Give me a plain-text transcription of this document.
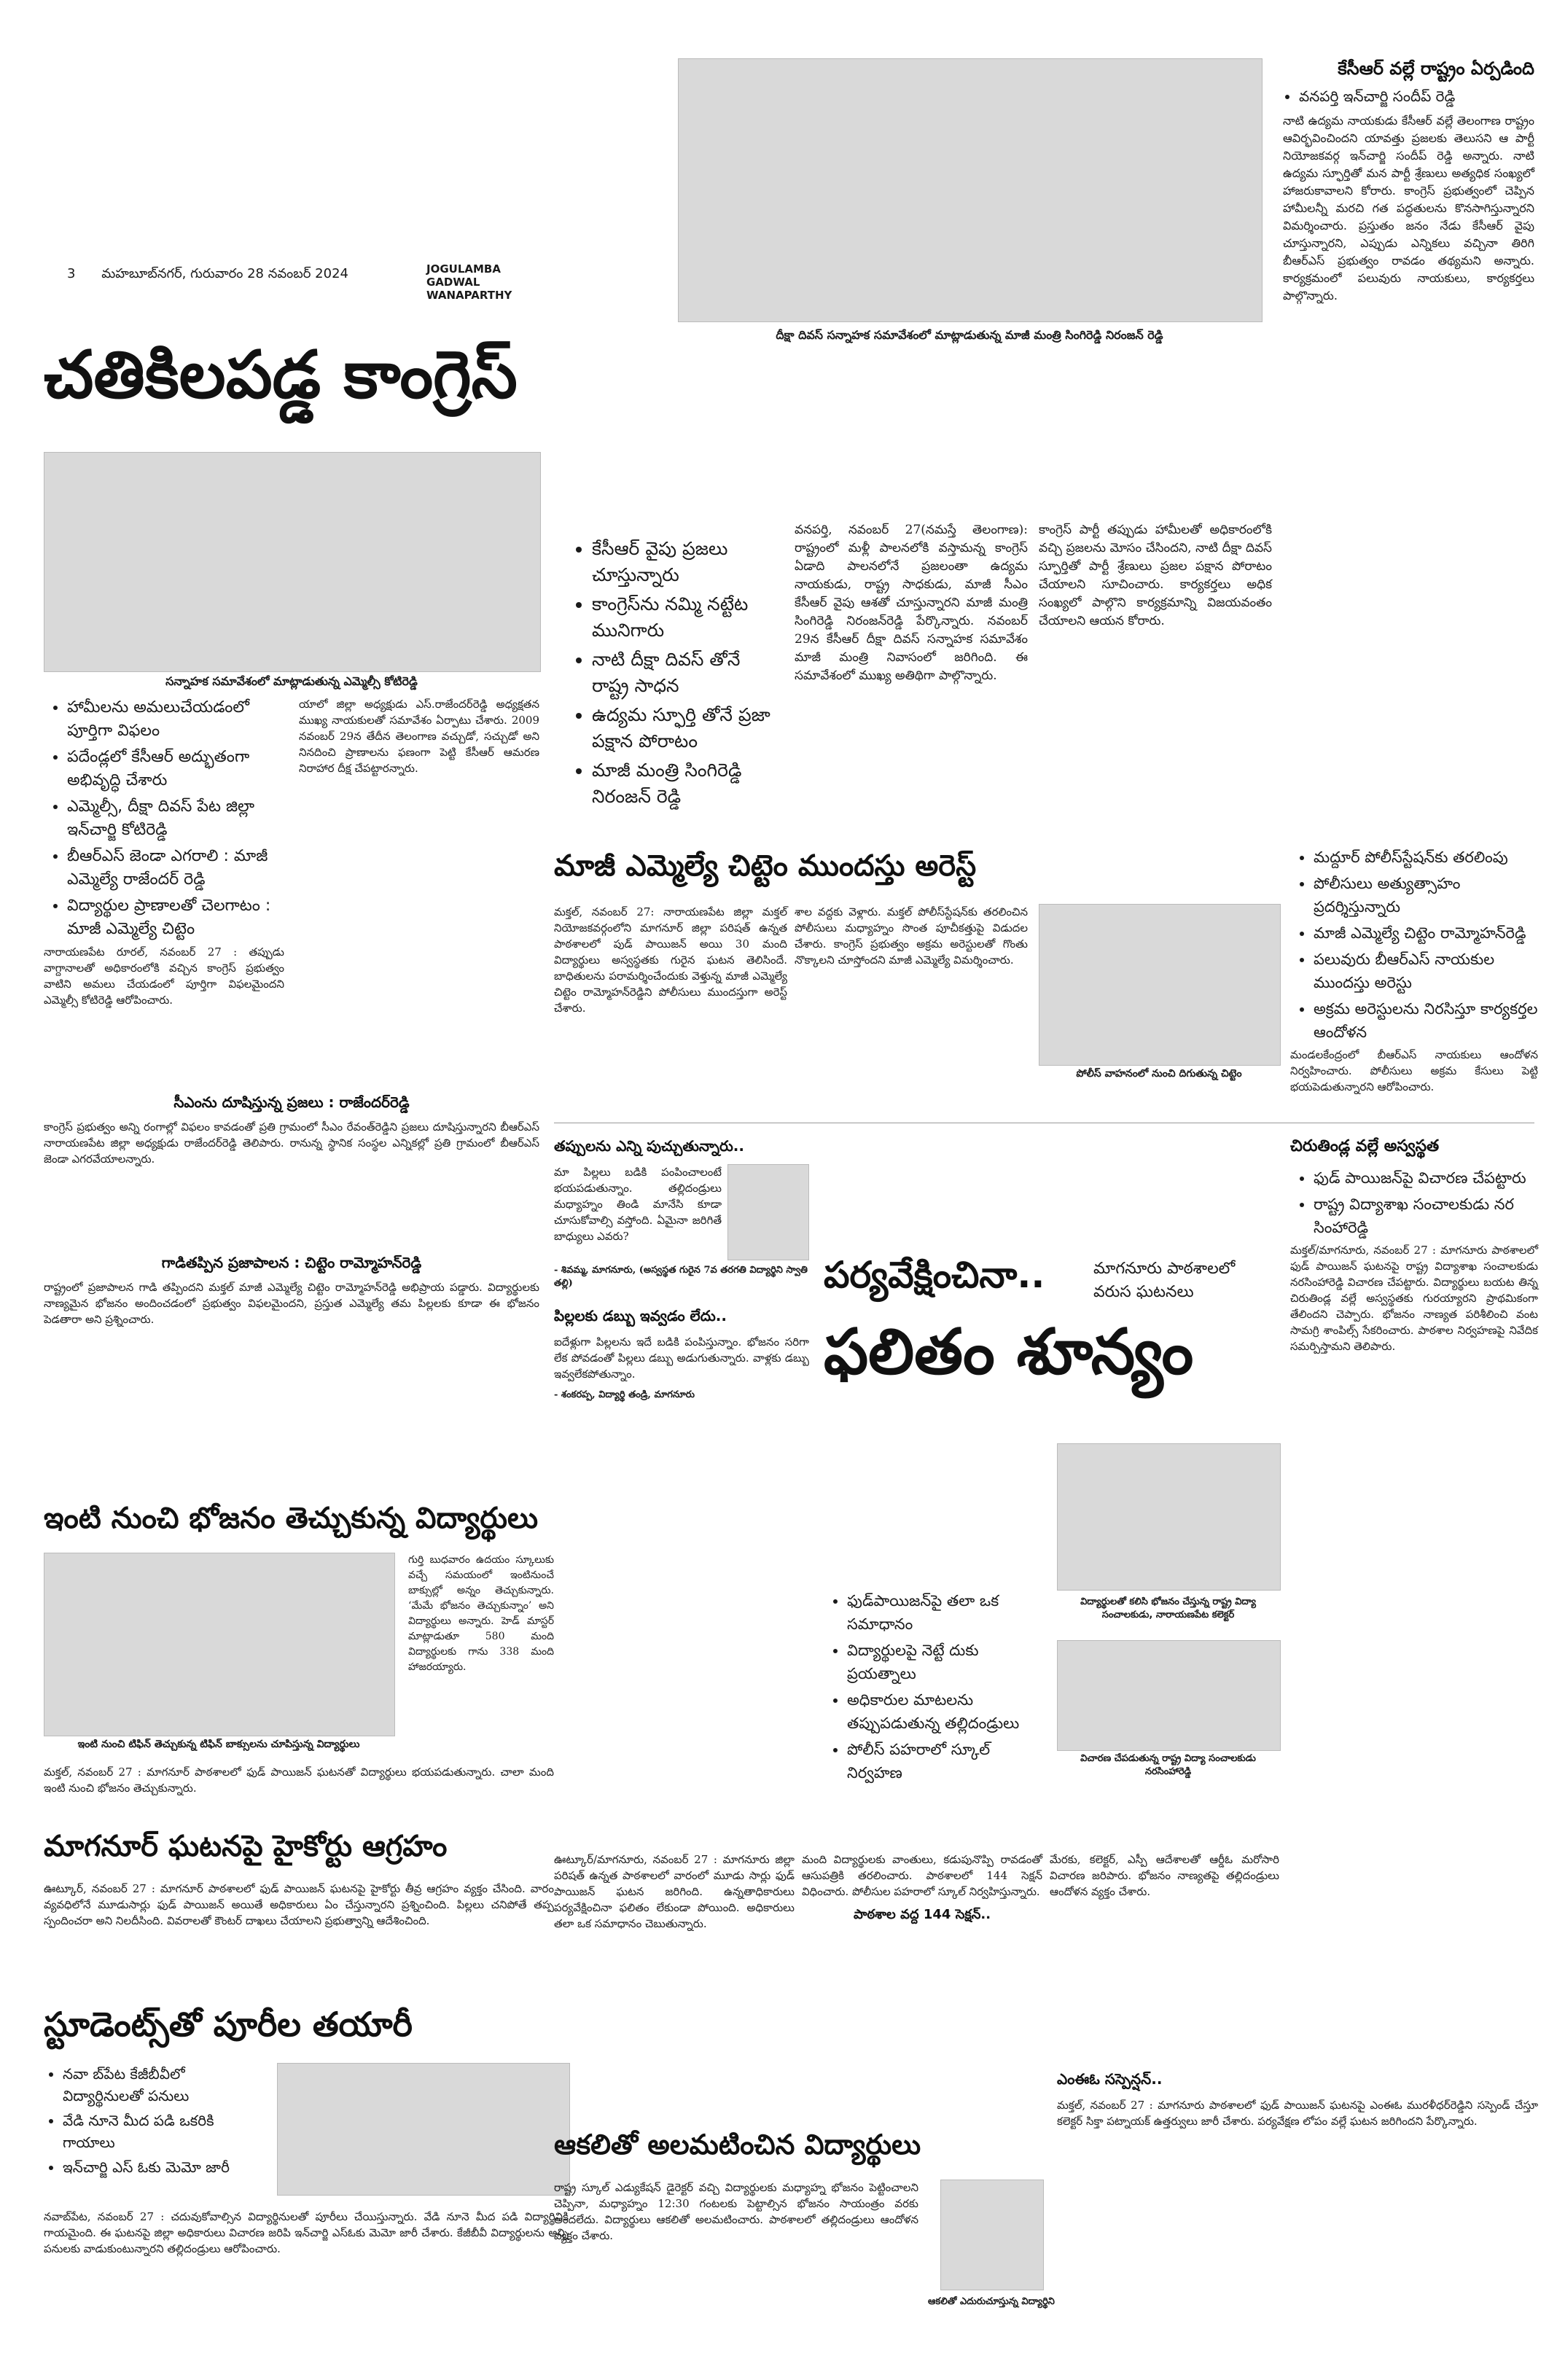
కేసీఆర్ వల్లే రాష్ట్రం ఏర్పడింది
• వనపర్తి ఇన్‌చార్జి సందీప్ రెడ్డి

నాటి ఉద్యమ నాయకుడు కేసీఆర్ వల్లే తెలంగాణ రాష్ట్రం ఆవిర్భవించిందని యావత్తు ప్రజలకు తెలుసని ఆ పార్టీ నియోజకవర్గ ఇన్‌చార్జి సందీప్ రెడ్డి అన్నారు. నాటి ఉద్యమ స్ఫూర్తితో మన పార్టీ శ్రేణులు అత్యధిక సంఖ్యలో హాజరుకావాలని కోరారు. కాంగ్రెస్ ప్రభుత్వంలో చెప్పిన హామీలన్నీ మరచి గత పద్ధతులను కొనసాగిస్తున్నారని విమర్శించారు. ప్రస్తుతం జనం నేడు కేసీఆర్ వైపు చూస్తున్నారని, ఎప్పుడు ఎన్నికలు వచ్చినా తిరిగి బీఆర్ఎస్ ప్రభుత్వం రావడం తథ్యమని అన్నారు. కార్యక్రమంలో పలువురు నాయకులు, కార్యకర్తలు పాల్గొన్నారు.

3 మహబూబ్‌నగర్, గురువారం 28 నవంబర్ 2024	JOGULAMBA GADWAL
WANAPARTHY
దీక్షా దివస్ సన్నాహక సమావేశంలో మాట్లాడుతున్న మాజీ మంత్రి సింగిరెడ్డి నిరంజన్ రెడ్డి
చతికిలపడ్డ కాంగ్రెస్
• కేసీఆర్ వైపు ప్రజలు చూస్తున్నారు
• కాంగ్రెస్‌ను నమ్మి నట్టేట మునిగారు
• నాటి దీక్షా దివస్ తోనే రాష్ట్ర సాధన
• ఉద్యమ స్ఫూర్తి తోనే ప్రజా పక్షాన పోరాటం
• మాజీ మంత్రి సింగిరెడ్డి నిరంజన్ రెడ్డి

వనపర్తి, నవంబర్ 27(నమస్తే తెలంగాణ): రాష్ట్రంలో మళ్లీ పాలనలోకి వస్తామన్న కాంగ్రెస్ ఏడాది పాలనలోనే ప్రజలంతా ఉద్యమ నాయకుడు, రాష్ట్ర సాధకుడు, మాజీ సీఎం కేసీఆర్ వైపు ఆశతో చూస్తున్నారని మాజీ మంత్రి సింగిరెడ్డి నిరంజన్‌రెడ్డి పేర్కొన్నారు. నవంబర్ 29న కేసీఆర్ దీక్షా దివస్ సన్నాహక సమావేశం మాజీ మంత్రి నివాసంలో జరిగింది. ఈ సమావేశంలో ముఖ్య అతిథిగా పాల్గొన్నారు.

కాంగ్రెస్ పార్టీ తప్పుడు హామీలతో అధికారంలోకి వచ్చి ప్రజలను మోసం చేసిందని, నాటి దీక్షా దివస్ స్ఫూర్తితో పార్టీ శ్రేణులు ప్రజల పక్షాన పోరాటం చేయాలని సూచించారు. కార్యకర్తలు అధిక సంఖ్యలో పాల్గొని కార్యక్రమాన్ని విజయవంతం చేయాలని ఆయన కోరారు.

సన్నాహక సమావేశంలో మాట్లాడుతున్న ఎమ్మెల్సీ కోటిరెడ్డి
• హామీలను అమలుచేయడంలో పూర్తిగా విఫలం
• పదేండ్లలో కేసీఆర్ అద్భుతంగా అభివృద్ధి చేశారు
• ఎమ్మెల్సీ, దీక్షా దివస్ పేట జిల్లా ఇన్‌చార్జి కోటిరెడ్డి
• బీఆర్ఎస్ జెండా ఎగరాలి : మాజీ ఎమ్మెల్యే రాజేందర్ రెడ్డి
• విద్యార్థుల ప్రాణాలతో చెలగాటం : మాజీ ఎమ్మెల్యే చిట్టెం

నారాయణపేట రూరల్, నవంబర్ 27 : తప్పుడు వాగ్దానాలతో అధికారంలోకి వచ్చిన కాంగ్రెస్ ప్రభుత్వం వాటిని అమలు చేయడంలో పూర్తిగా విఫలమైందని ఎమ్మెల్సీ కోటిరెడ్డి ఆరోపించారు.

యాలో జిల్లా అధ్యక్షుడు ఎస్.రాజేందర్‌రెడ్డి అధ్యక్షతన ముఖ్య నాయకులతో సమావేశం ఏర్పాటు చేశారు. 2009 నవంబర్ 29న తేదీన తెలంగాణ వచ్చుడో, సచ్చుడో అని నినదించి ప్రాణాలను ఫణంగా పెట్టి కేసీఆర్ ఆమరణ నిరాహార దీక్ష చేపట్టారన్నారు.

సీఎంను దూషిస్తున్న ప్రజలు : రాజేందర్‌రెడ్డి

కాంగ్రెస్ ప్రభుత్వం అన్ని రంగాల్లో విఫలం కావడంతో ప్రతి గ్రామంలో సీఎం రేవంత్‌రెడ్డిని ప్రజలు దూషిస్తున్నారని బీఆర్ఎస్ నారాయణపేట జిల్లా అధ్యక్షుడు రాజేందర్‌రెడ్డి తెలిపారు. రానున్న స్థానిక సంస్థల ఎన్నికల్లో ప్రతి గ్రామంలో బీఆర్ఎస్ జెండా ఎగరవేయాలన్నారు.

గాడితప్పిన ప్రజాపాలన : చిట్టెం రామ్మోహన్‌రెడ్డి

రాష్ట్రంలో ప్రజాపాలన గాడి తప్పిందని మక్తల్ మాజీ ఎమ్మెల్యే చిట్టెం రామ్మోహన్‌రెడ్డి అభిప్రాయ పడ్డారు. విద్యార్థులకు నాణ్యమైన భోజనం అందించడంలో ప్రభుత్వం విఫలమైందని, ప్రస్తుత ఎమ్మెల్యే తమ పిల్లలకు కూడా ఈ భోజనం పెడతారా అని ప్రశ్నించారు.

ఇంటి నుంచి భోజనం తెచ్చుకున్న విద్యార్థులు
ఇంటి నుంచి టిఫిన్ తెచ్చుకున్న టిఫిన్ బాక్సులను చూపిస్తున్న విద్యార్థులు

గుర్తి బుధవారం ఉదయం స్కూలుకు వచ్చే సమయంలో ఇంటినుంచే బాక్సుల్లో అన్నం తెచ్చుకున్నారు. ‘మేమే భోజనం తెచ్చుకున్నాం’ అని విద్యార్థులు అన్నారు. హెడ్ మాస్టర్ మాట్లాడుతూ 580 మంది విద్యార్థులకు గాను 338 మంది హాజరయ్యారు.

మక్తల్, నవంబర్ 27 : మాగనూర్ పాఠశాలలో ఫుడ్ పాయిజన్ ఘటనతో విద్యార్థులు భయపడుతున్నారు. చాలా మంది ఇంటి నుంచి భోజనం తెచ్చుకున్నారు.

మాగనూర్ ఘటనపై హైకోర్టు ఆగ్రహం

ఊట్కూర్, నవంబర్ 27 : మాగనూర్ పాఠశాలలో ఫుడ్ పాయిజన్ ఘటనపై హైకోర్టు తీవ్ర ఆగ్రహం వ్యక్తం చేసింది. వారం వ్యవధిలోనే మూడుసార్లు ఫుడ్ పాయిజన్ అయితే అధికారులు ఏం చేస్తున్నారని ప్రశ్నించింది. పిల్లలు చనిపోతే తప్ప స్పందించరా అని నిలదీసింది. వివరాలతో కౌంటర్ దాఖలు చేయాలని ప్రభుత్వాన్ని ఆదేశించింది.

స్టూడెంట్స్‌తో పూరీల తయారీ
• నవా బ్‌పేట కేజీబీవీలో విద్యార్థినులతో పనులు
• వేడి నూనె మీద పడి ఒకరికి గాయాలు
• ఇన్‌చార్జి ఎస్ ఓకు మెమో జారీ

నవాబ్‌పేట, నవంబర్ 27 : చదువుకోవాల్సిన విద్యార్థినులతో పూరీలు చేయిస్తున్నారు. వేడి నూనె మీద పడి విద్యార్థినికి గాయమైంది. ఈ ఘటనపై జిల్లా అధికారులు విచారణ జరిపి ఇన్‌చార్జి ఎస్ఓకు మెమో జారీ చేశారు. కేజీబీవీ విద్యార్థులను అన్ని పనులకు వాడుకుంటున్నారని తల్లిదండ్రులు ఆరోపించారు.

మాజీ ఎమ్మెల్యే చిట్టెం ముందస్తు అరెస్ట్

మక్తల్, నవంబర్ 27: నారాయణపేట జిల్లా మక్తల్ నియోజకవర్గంలోని మాగనూర్ జిల్లా పరిషత్ ఉన్నత పాఠశాలలో పుడ్ పాయిజన్ అయి 30 మంది విద్యార్థులు అస్వస్థతకు గురైన ఘటన తెలిసిందే. బాధితులను పరామర్శించేందుకు వెళ్తున్న మాజీ ఎమ్మెల్యే చిట్టెం రామ్మోహన్‌రెడ్డిని పోలీసులు ముందస్తుగా అరెస్ట్ చేశారు.

శాల వద్దకు వెళ్లారు. మక్తల్ పోలీస్‌స్టేషన్‌కు తరలించిన పోలీసులు మధ్యాహ్నం సొంత పూచీకత్తుపై విడుదల చేశారు. కాంగ్రెస్ ప్రభుత్వం అక్రమ అరెస్టులతో గొంతు నొక్కాలని చూస్తోందని మాజీ ఎమ్మెల్యే విమర్శించారు.

పోలీస్ వాహనంలో నుంచి దిగుతున్న చిట్టెం
• మద్దూర్ పోలీస్‌స్టేషన్‌కు తరలింపు
• పోలీసులు అత్యుత్సాహం ప్రదర్శిస్తున్నారు
• మాజీ ఎమ్మెల్యే చిట్టెం రామ్మోహన్‌రెడ్డి
• పలువురు బీఆర్ఎస్ నాయకుల ముందస్తు అరెస్టు
• అక్రమ అరెస్టులను నిరసిస్తూ కార్యకర్తల ఆందోళన

మండలకేంద్రంలో బీఆర్ఎస్ నాయకులు ఆందోళన నిర్వహించారు. పోలీసులు అక్రమ కేసులు పెట్టి భయపెడుతున్నారని ఆరోపించారు.

తప్పులను ఎన్ని పుచ్చుతున్నారు..

మా పిల్లలు బడికి పంపించాలంటే భయపడుతున్నాం. తల్లిదండ్రులు మధ్యాహ్నం తిండి మానేసి కూడా చూసుకోవాల్సి వస్తోంది. ఏమైనా జరిగితే బాధ్యులు ఎవరు?

- శివమ్మ, మాగనూరు, (అస్వస్థత గురైన 7వ తరగతి విద్యార్థిని స్వాతి తల్లి)
పిల్లలకు డబ్బు ఇవ్వడం లేదు..

ఐదేళ్లుగా పిల్లలను ఇదే బడికి పంపిస్తున్నాం. భోజనం సరిగా లేక పోవడంతో పిల్లలు డబ్బు అడుగుతున్నారు. వాళ్లకు డబ్బు ఇవ్వలేకపోతున్నాం.

- శంకరప్ప, విద్యార్థి తండ్రి, మాగనూరు
పర్యవేక్షించినా..	మాగనూరు పాఠశాలలో వరుస ఘటనలు
ఫలితం శూన్యం
• ఫుడ్‌పాయిజన్‌పై తలా ఒక సమాధానం
• విద్యార్థులపై నెట్టే దుకు ప్రయత్నాలు
• అధికారుల మాటలను తప్పుపడుతున్న తల్లిదండ్రులు
• పోలీస్ పహరాలో స్కూల్ నిర్వహణ
విద్యార్థులతో కలిసి భోజనం చేస్తున్న రాష్ట్ర విద్యా సంచాలకుడు, నారాయణపేట కలెక్టర్
విచారణ చేపడుతున్న రాష్ట్ర విద్యా సంచాలకుడు నరసింహారెడ్డి

ఊట్కూర్/మాగనూరు, నవంబర్ 27 : మాగనూరు జిల్లా పరిషత్ ఉన్నత పాఠశాలలో వారంలో మూడు సార్లు ఫుడ్ పాయిజన్ ఘటన జరిగింది. ఉన్నతాధికారులు పర్యవేక్షించినా ఫలితం లేకుండా పోయింది. అధికారులు తలా ఒక సమాధానం చెబుతున్నారు.

మంది విద్యార్థులకు వాంతులు, కడుపునొప్పి రావడంతో ఆసుపత్రికి తరలించారు. పాఠశాలలో 144 సెక్షన్ విధించారు. పోలీసుల పహరాలో స్కూల్ నిర్వహిస్తున్నారు.

పాఠశాల వద్ద 144 సెక్షన్..

మేరకు, కలెక్టర్, ఎస్పీ ఆదేశాలతో ఆర్డీఓ మరోసారి విచారణ జరిపారు. భోజనం నాణ్యతపై తల్లిదండ్రులు ఆందోళన వ్యక్తం చేశారు.

చిరుతిండ్ల వల్లే అస్వస్థత
• ఫుడ్ పాయిజన్‌పై విచారణ చేపట్టారు
• రాష్ట్ర విద్యాశాఖ సంచాలకుడు నర సింహారెడ్డి

మక్తల్/మాగనూరు, నవంబర్ 27 : మాగనూరు పాఠశాలలో ఫుడ్ పాయిజన్ ఘటనపై రాష్ట్ర విద్యాశాఖ సంచాలకుడు నరసింహారెడ్డి విచారణ చేపట్టారు. విద్యార్థులు బయట తిన్న చిరుతిండ్ల వల్లే అస్వస్థతకు గురయ్యారని ప్రాథమికంగా తేలిందని చెప్పారు. భోజనం నాణ్యత పరిశీలించి వంట సామగ్రి శాంపిల్స్ సేకరించారు. పాఠశాల నిర్వహణపై నివేదిక సమర్పిస్తామని తెలిపారు.

ఎంఈఓ సస్పెన్షన్..

మక్తల్, నవంబర్ 27 : మాగనూరు పాఠశాలలో ఫుడ్ పాయిజన్ ఘటనపై ఎంఈఓ మురళీధర్‌రెడ్డిని సస్పెండ్ చేస్తూ కలెక్టర్ సిక్తా పట్నాయక్ ఉత్తర్వులు జారీ చేశారు. పర్యవేక్షణ లోపం వల్లే ఘటన జరిగిందని పేర్కొన్నారు.

ఆకలితో అలమటించిన విద్యార్థులు

రాష్ట్ర స్కూల్ ఎడ్యుకేషన్ డైరెక్టర్ వచ్చి విద్యార్థులకు మధ్యాహ్న భోజనం పెట్టించాలని చెప్పినా, మధ్యాహ్నం 12:30 గంటలకు పెట్టాల్సిన భోజనం సాయంత్రం వరకు అందలేదు. విద్యార్థులు ఆకలితో అలమటించారు. పాఠశాలలో తల్లిదండ్రులు ఆందోళన వ్యక్తం చేశారు.

ఆకలితో ఎదురుచూస్తున్న విద్యార్థిని
